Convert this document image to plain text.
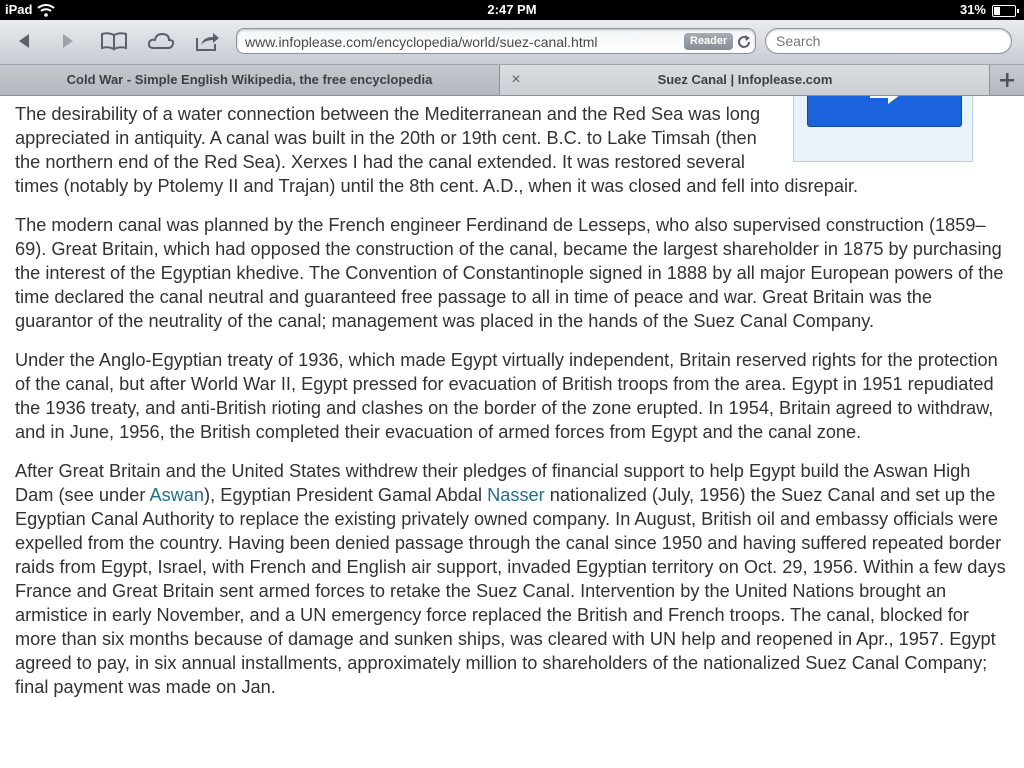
iPad	2:47 PM	31%
www.infoplease.com/encyclopedia/world/suez-canal.html	Reader
Search
Cold War - Simple English Wikipedia, the free encyclopedia	Suez Canal | Infoplease.com
×

The desirability of a water connection between the Mediterranean and the Red Sea was long appreciated in antiquity. A canal was built in the 20th or 19th cent. B.C. to Lake Timsah (then the northern end of the Red Sea). Xerxes I had the canal extended. It was restored several times (notably by Ptolemy II and Trajan) until the 8th cent. A.D., when it was closed and fell into disrepair.

The modern canal was planned by the French engineer Ferdinand de Lesseps, who also supervised construction (1859–69). Great Britain, which had opposed the construction of the canal, became the largest shareholder in 1875 by purchasing the interest of the Egyptian khedive. The Convention of Constantinople signed in 1888 by all major European powers of the time declared the canal neutral and guaranteed free passage to all in time of peace and war. Great Britain was the guarantor of the neutrality of the canal; management was placed in the hands of the Suez Canal Company.

Under the Anglo-Egyptian treaty of 1936, which made Egypt virtually independent, Britain reserved rights for the protection of the canal, but after World War II, Egypt pressed for evacuation of British troops from the area. Egypt in 1951 repudiated the 1936 treaty, and anti-British rioting and clashes on the border of the zone erupted. In 1954, Britain agreed to withdraw, and in June, 1956, the British completed their evacuation of armed forces from Egypt and the canal zone.

After Great Britain and the United States withdrew their pledges of financial support to help Egypt build the Aswan High Dam (see under Aswan), Egyptian President Gamal Abdal Nasser nationalized (July, 1956) the Suez Canal and set up the Egyptian Canal Authority to replace the existing privately owned company. In August, British oil and embassy officials were expelled from the country. Having been denied passage through the canal since 1950 and having suffered repeated border raids from Egypt, Israel, with French and English air support, invaded Egyptian territory on Oct. 29, 1956. Within a few days France and Great Britain sent armed forces to retake the Suez Canal. Intervention by the United Nations brought an armistice in early November, and a UN emergency force replaced the British and French troops. The canal, blocked for more than six months because of damage and sunken ships, was cleared with UN help and reopened in Apr., 1957. Egypt agreed to pay, in six annual installments, approximately million to shareholders of the nationalized Suez Canal Company; final payment was made on Jan.
